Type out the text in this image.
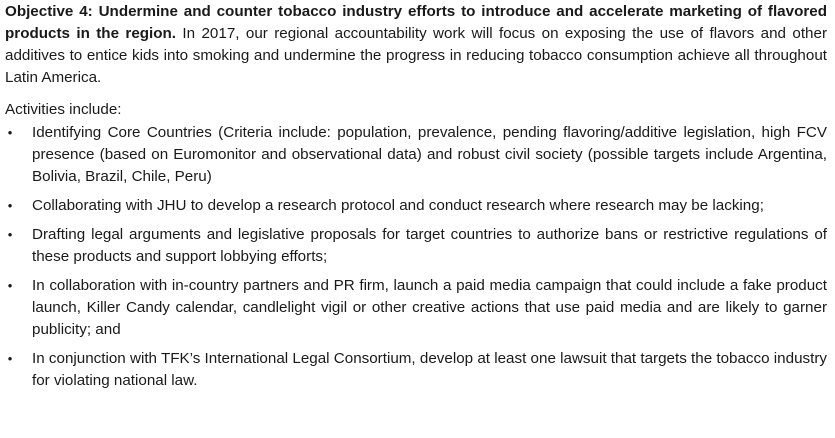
Objective 4: Undermine and counter tobacco industry efforts to introduce and accelerate marketing of flavored products in the region. In 2017, our regional accountability work will focus on exposing the use of flavors and other additives to entice kids into smoking and undermine the progress in reducing tobacco consumption achieve all throughout Latin America.

Activities include:
• Identifying Core Countries (Criteria include: population, prevalence, pending flavoring/additive legislation, high FCV presence (based on Euromonitor and observational data) and robust civil society (possible targets include Argentina, Bolivia, Brazil, Chile, Peru)
• Collaborating with JHU to develop a research protocol and conduct research where research may be lacking;
• Drafting legal arguments and legislative proposals for target countries to authorize bans or restrictive regulations of these products and support lobbying efforts;
• In collaboration with in-country partners and PR firm, launch a paid media campaign that could include a fake product launch, Killer Candy calendar, candlelight vigil or other creative actions that use paid media and are likely to garner publicity; and
• In conjunction with TFK’s International Legal Consortium, develop at least one lawsuit that targets the tobacco industry for violating national law.
